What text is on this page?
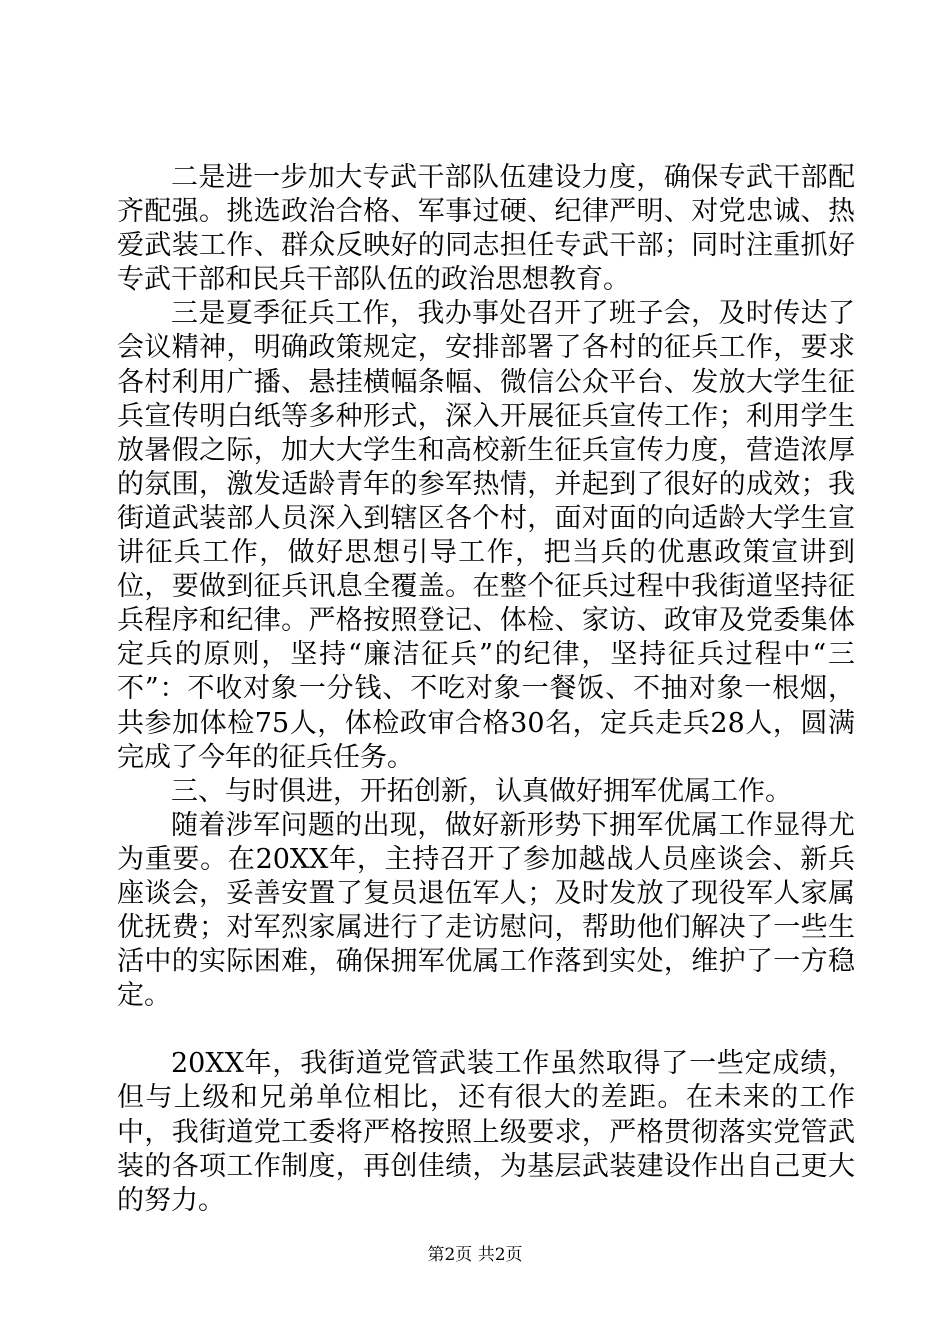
二是进一步加大专武干部队伍建设力度，确保专武干部配齐配强。挑选政治合格、军事过硬、纪律严明、对党忠诚、热爱武装工作、群众反映好的同志担任专武干部；同时注重抓好专武干部和民兵干部队伍的政治思想教育。

三是夏季征兵工作，我办事处召开了班子会，及时传达了会议精神，明确政策规定，安排部署了各村的征兵工作，要求各村利用广播、悬挂横幅条幅、微信公众平台、发放大学生征兵宣传明白纸等多种形式，深入开展征兵宣传工作；利用学生放暑假之际，加大大学生和高校新生征兵宣传力度，营造浓厚的氛围，激发适龄青年的参军热情，并起到了很好的成效；我街道武装部人员深入到辖区各个村，面对面的向适龄大学生宣讲征兵工作，做好思想引导工作，把当兵的优惠政策宣讲到位，要做到征兵讯息全覆盖。在整个征兵过程中我街道坚持征兵程序和纪律。严格按照登记、体检、家访、政审及党委集体定兵的原则，坚持“廉洁征兵”的纪律，坚持征兵过程中“三不”：不收对象一分钱、不吃对象一餐饭、不抽对象一根烟，共参加体检75人，体检政审合格30名，定兵走兵28人，圆满完成了今年的征兵任务。

三、与时俱进，开拓创新，认真做好拥军优属工作。

随着涉军问题的出现，做好新形势下拥军优属工作显得尤为重要。在20XX年，主持召开了参加越战人员座谈会、新兵座谈会，妥善安置了复员退伍军人；及时发放了现役军人家属优抚费；对军烈家属进行了走访慰问，帮助他们解决了一些生活中的实际困难，确保拥军优属工作落到实处，维护了一方稳定。

20XX年，我街道党管武装工作虽然取得了一些定成绩，但与上级和兄弟单位相比，还有很大的差距。在未来的工作中，我街道党工委将严格按照上级要求，严格贯彻落实党管武装的各项工作制度，再创佳绩，为基层武装建设作出自己更大的努力。

第2页 共2页
